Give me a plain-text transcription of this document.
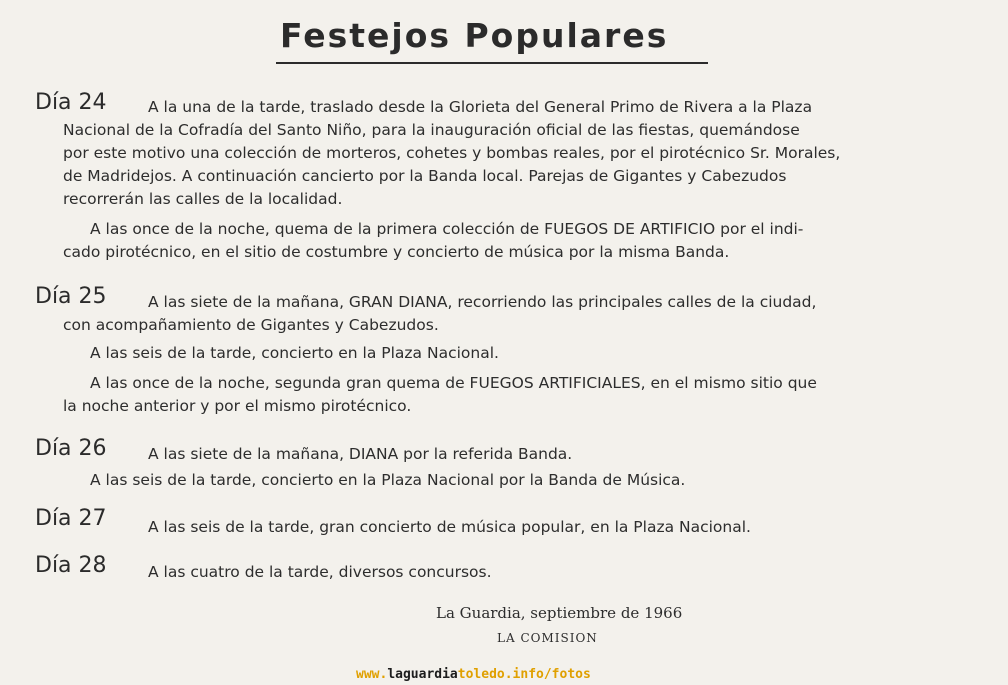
Festejos Populares
Día 24	A la una de la tarde, traslado desde la Glorieta del General Primo de Rivera a la Plaza
Nacional de la Cofradía del Santo Niño, para la inauguración oficial de las fiestas, quemándose
por este motivo una colección de morteros, cohetes y bombas reales, por el pirotécnico Sr. Morales,
de Madridejos. A continuación cancierto por la Banda local. Parejas de Gigantes y Cabezudos
recorrerán las calles de la localidad.
A las once de la noche, quema de la primera colección de FUEGOS DE ARTIFICIO por el indi-
cado pirotécnico, en el sitio de costumbre y concierto de música por la misma Banda.
Día 25	A las siete de la mañana, GRAN DIANA, recorriendo las principales calles de la ciudad,
con acompañamiento de Gigantes y Cabezudos.
A las seis de la tarde, concierto en la Plaza Nacional.
A las once de la noche, segunda gran quema de FUEGOS ARTIFICIALES, en el mismo sitio que
la noche anterior y por el mismo pirotécnico.
Día 26	A las siete de la mañana, DIANA por la referida Banda.
A las seis de la tarde, concierto en la Plaza Nacional por la Banda de Música.
Día 27	A las seis de la tarde, gran concierto de música popular, en la Plaza Nacional.
Día 28	A las cuatro de la tarde, diversos concursos.
La Guardia, septiembre de 1966
LA COMISION
www.laguardiatoledo.info/fotos
